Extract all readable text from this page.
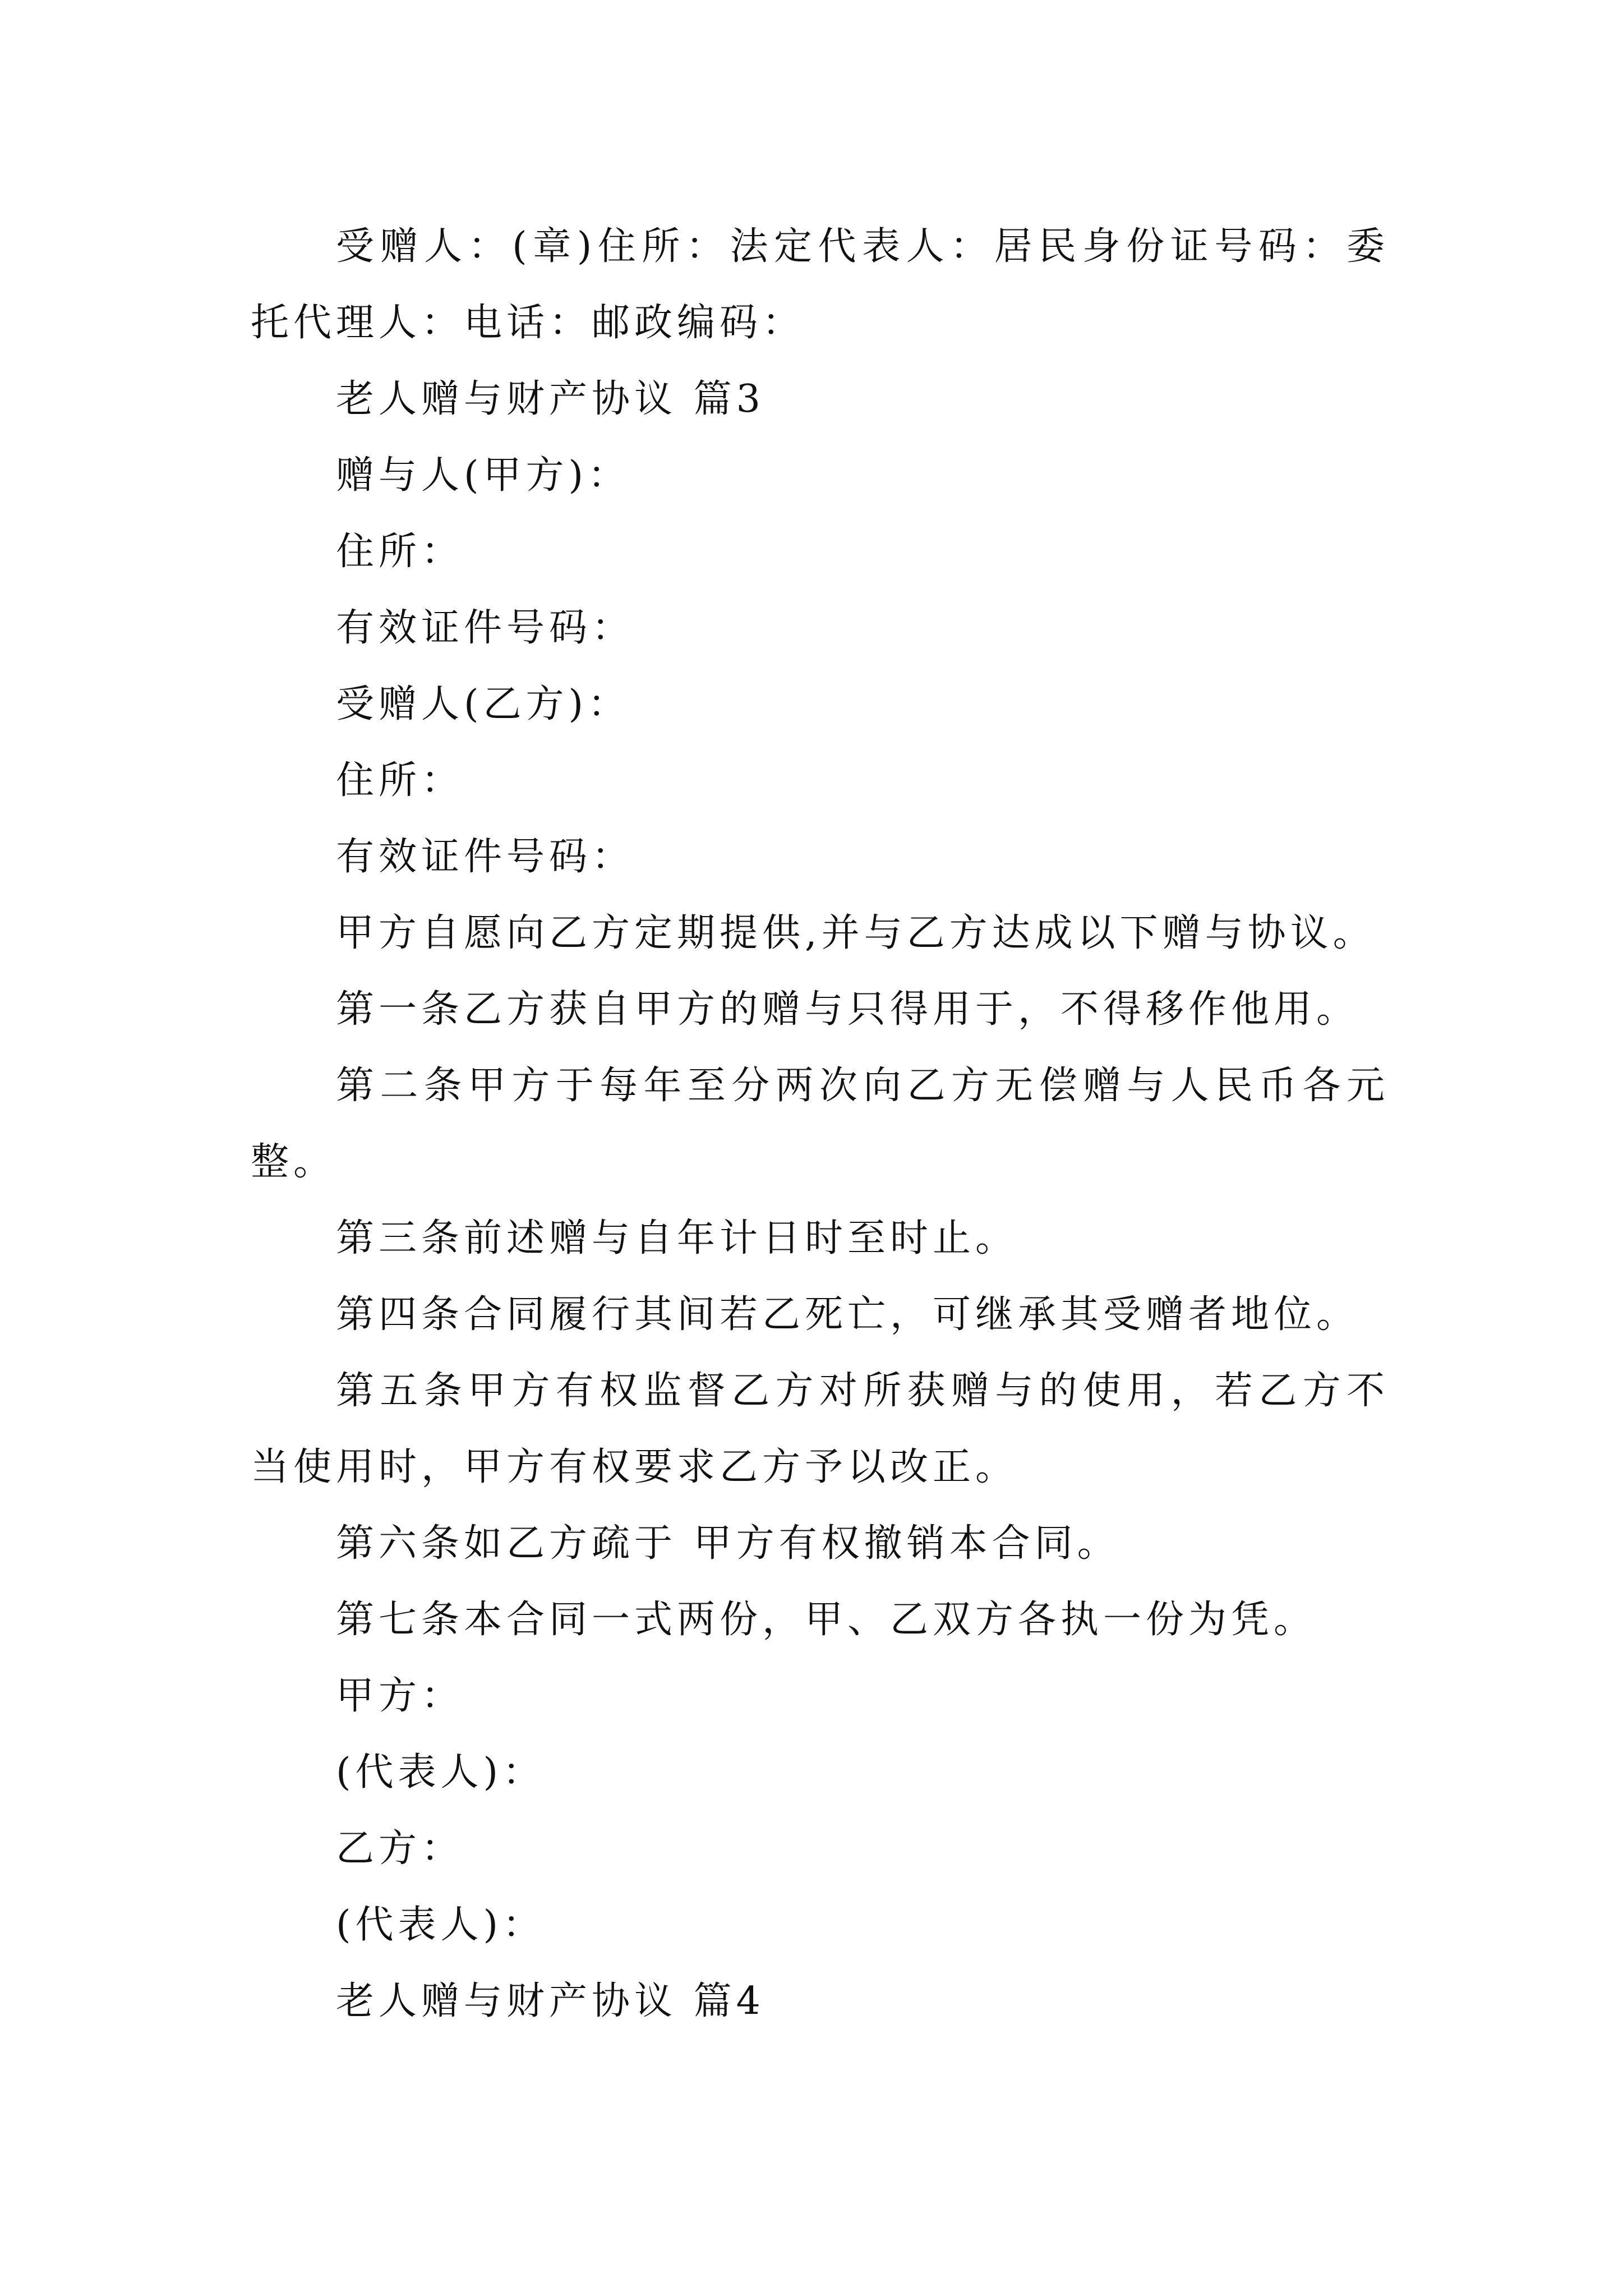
受赠人：(章)住所：法定代表人：居民身份证号码：委托代理人：电话：邮政编码：

老人赠与财产协议 篇3

赠与人(甲方)：

住所：

有效证件号码：

受赠人(乙方)：

住所：

有效证件号码：

甲方自愿向乙方定期提供,并与乙方达成以下赠与协议。

第一条乙方获自甲方的赠与只得用于，不得移作他用。

第二条甲方于每年至分两次向乙方无偿赠与人民币各元整。

第三条前述赠与自年计日时至时止。

第四条合同履行其间若乙死亡，可继承其受赠者地位。

第五条甲方有权监督乙方对所获赠与的使用，若乙方不当使用时，甲方有权要求乙方予以改正。

第六条如乙方疏于 甲方有权撤销本合同。

第七条本合同一式两份，甲、乙双方各执一份为凭。

甲方：

(代表人)：

乙方：

(代表人)：

老人赠与财产协议 篇4
